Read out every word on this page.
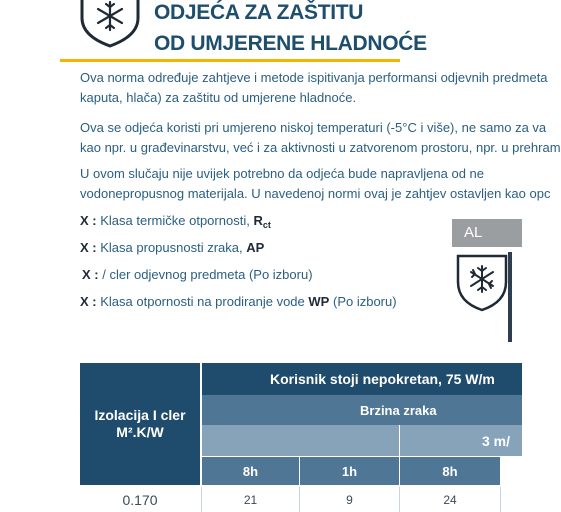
ODJEĆA ZA ZAŠTITU
OD UMJERENE HLADNOĆE
Ova norma određuje zahtjeve i metode ispitivanja performansi odjevnih predmeta
kaputa, hlača) za zaštitu od umjerene hladnoće.
Ova se odjeća koristi pri umjereno niskoj temperaturi (-5°C i više), ne samo za va
kao npr. u građevinarstvu, već i za aktivnosti u zatvorenom prostoru, npr. u prehram
U ovom slučaju nije uvijek potrebno da odjeća bude napravljena od ne
vodonepropusnog materijala. U navedenoj normi ovaj je zahtjev ostavljen kao opc
X : Klasa termičke otpornosti, $R_{ct}$
X : Klasa propusnosti zraka, AP
X : / cler odjevnog predmeta (Po izboru)
X : Klasa otpornosti na prodiranje vode WP (Po izboru)
AL
Izolacija I cler M².K/W
Korisnik stoji nepokretan, 75 W/m
Brzina zraka
3 m/
8h	1h	8h
0.170	21	9	24
